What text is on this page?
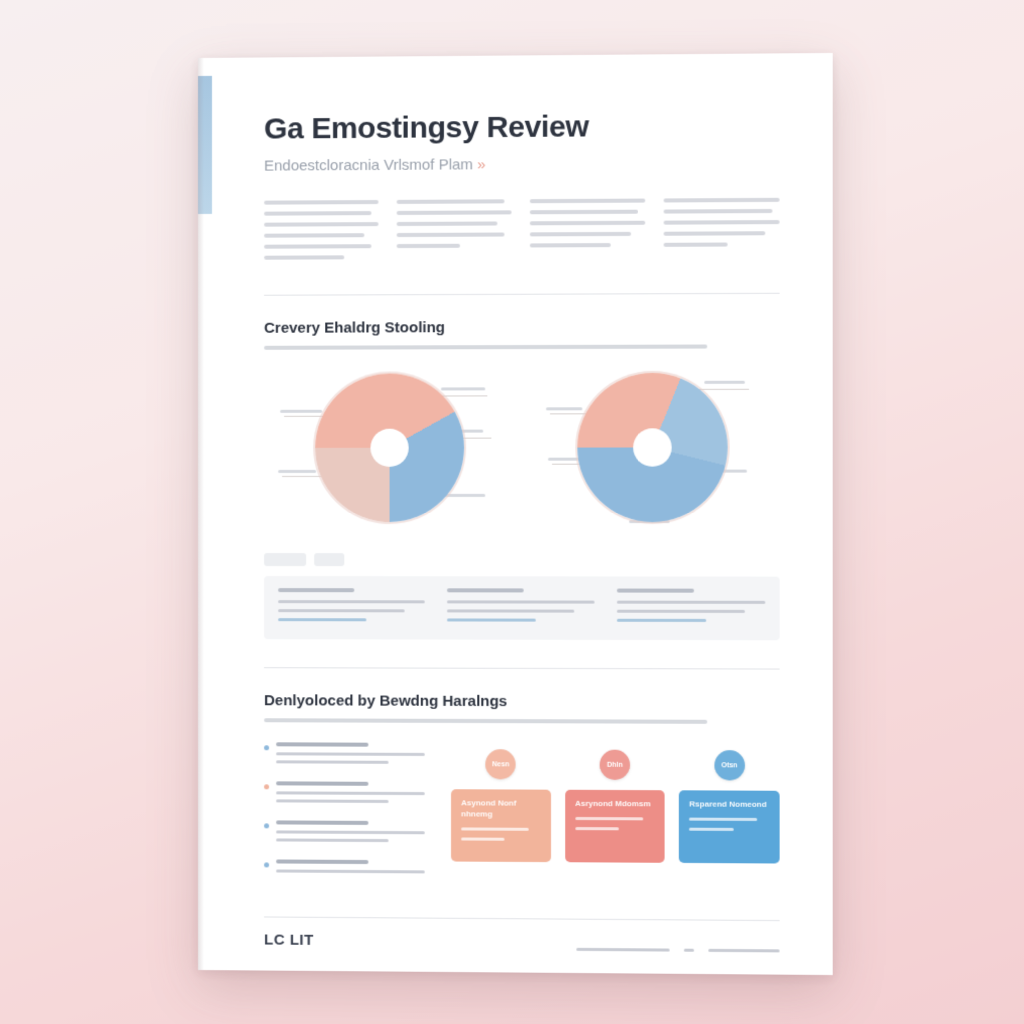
Ga Emostingsy Review
Endoestcloracnia Vrlsmof Plam »
Crevery Ehaldrg Stooling
Denlyoloced by Bewdng Haralngs
Nesn
Asynond Nonf nhnemg
Dhln
Asrynond Mdomsm
Otsn
Rsparend Nomeond
LC LIT
